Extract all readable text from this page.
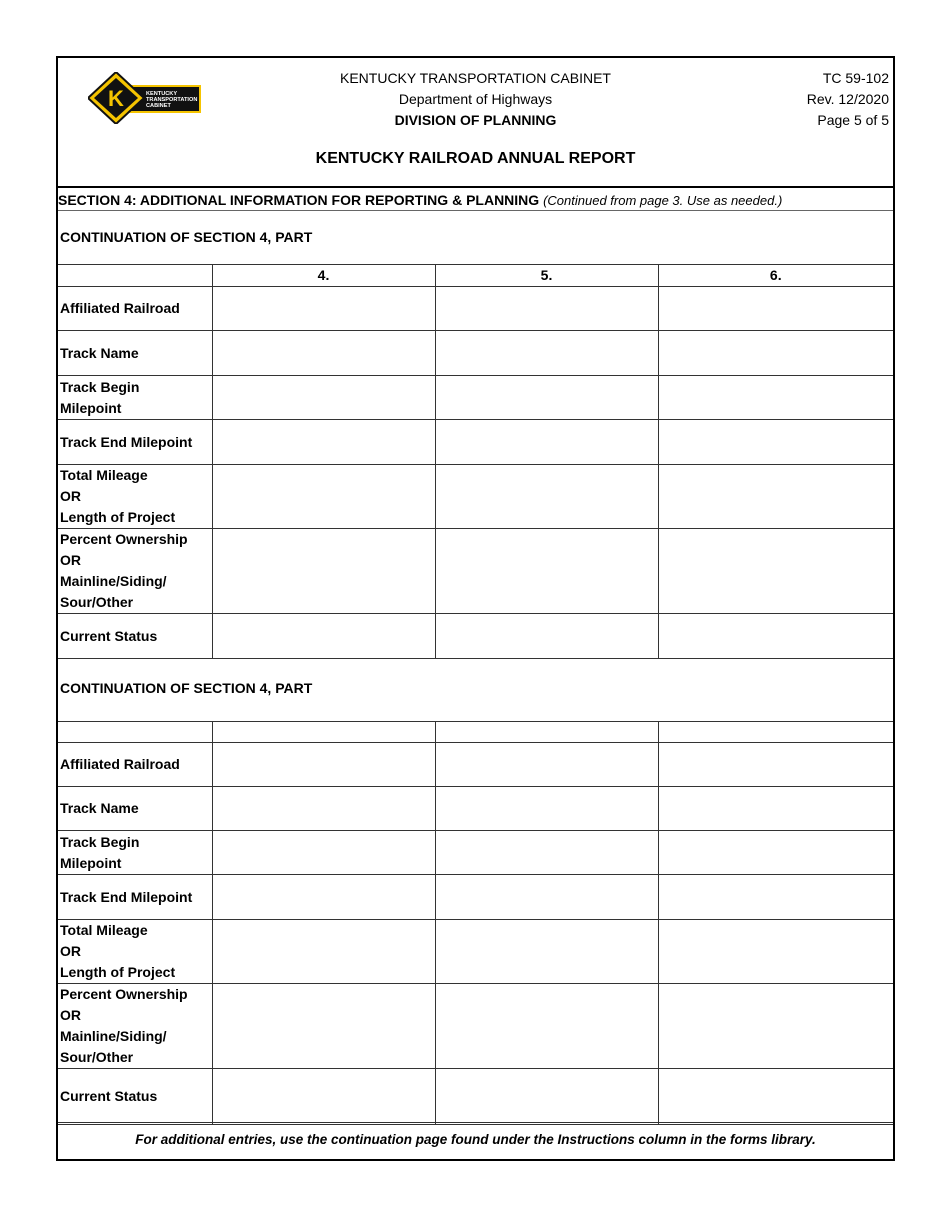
K	KENTUCKY
TRANSPORTATION
CABINET
KENTUCKY TRANSPORTATION CABINET
Department of Highways
DIVISION OF PLANNING
TC 59-102
Rev. 12/2020
Page 5 of 5
KENTUCKY RAILROAD ANNUAL REPORT
SECTION 4: ADDITIONAL INFORMATION FOR REPORTING & PLANNING (Continued from page 3. Use as needed.)
CONTINUATION OF SECTION 4, PART
	4.	5.	6.

Affiliated Railroad			

Track Name			

Track Begin
Milepoint			

Track End Milepoint			

Total Mileage
OR
Length of Project			

Percent Ownership
OR
Mainline/Siding/
Sour/Other			

Current Status			

CONTINUATION OF SECTION 4, PART

Affiliated Railroad			

Track Name			

Track Begin
Milepoint			

Track End Milepoint			

Total Mileage
OR
Length of Project			

Percent Ownership
OR
Mainline/Siding/
Sour/Other			

Current Status			

For additional entries, use the continuation page found under the Instructions column in the forms library.
